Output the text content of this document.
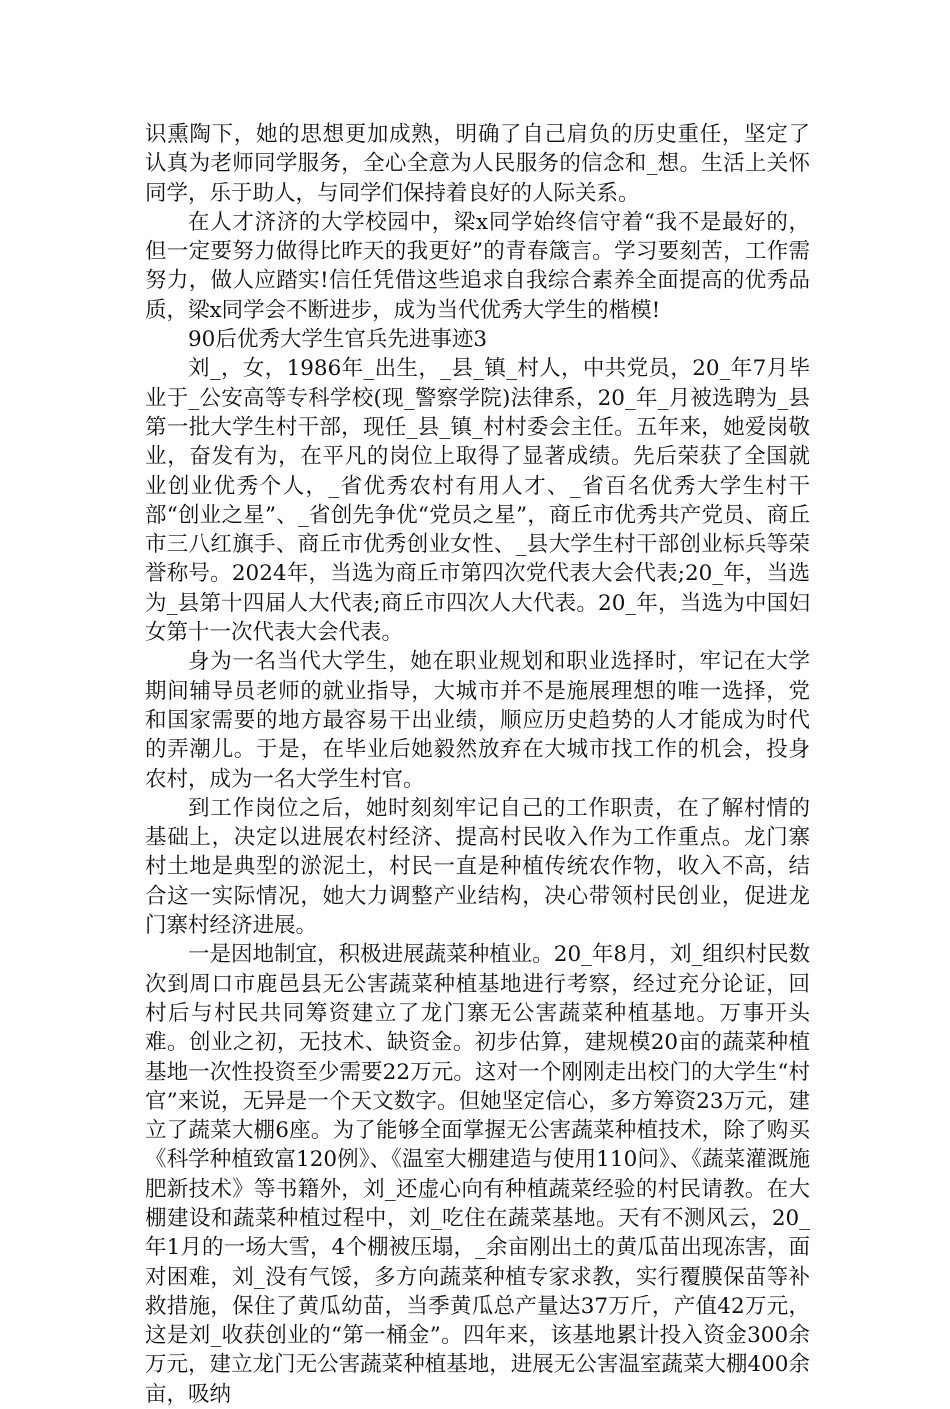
识熏陶下，她的思想更加成熟，明确了自己肩负的历史重任，坚定了认真为老师同学服务，全心全意为人民服务的信念和_想。生活上关怀同学，乐于助人，与同学们保持着良好的人际关系。

在人才济济的大学校园中，梁x同学始终信守着“我不是最好的，但一定要努力做得比昨天的我更好”的青春箴言。学习要刻苦，工作需努力，做人应踏实!信任凭借这些追求自我综合素养全面提高的优秀品质，梁x同学会不断进步，成为当代优秀大学生的楷模!

90后优秀大学生官兵先进事迹3

刘_，女，1986年_出生，_县_镇_村人，中共党员，20_年7月毕业于_公安高等专科学校(现_警察学院)法律系，20_年_月被选聘为_县第一批大学生村干部，现任_县_镇_村村委会主任。五年来，她爱岗敬业，奋发有为，在平凡的岗位上取得了显著成绩。先后荣获了全国就业创业优秀个人，_省优秀农村有用人才、_省百名优秀大学生村干部“创业之星”、_省创先争优“党员之星”，商丘市优秀共产党员、商丘市三八红旗手、商丘市优秀创业女性、_县大学生村干部创业标兵等荣誉称号。2024年，当选为商丘市第四次党代表大会代表;20_年，当选为_县第十四届人大代表;商丘市四次人大代表。20_年，当选为中国妇女第十一次代表大会代表。

身为一名当代大学生，她在职业规划和职业选择时，牢记在大学期间辅导员老师的就业指导，大城市并不是施展理想的唯一选择，党和国家需要的地方最容易干出业绩，顺应历史趋势的人才能成为时代的弄潮儿。于是，在毕业后她毅然放弃在大城市找工作的机会，投身农村，成为一名大学生村官。

到工作岗位之后，她时刻刻牢记自己的工作职责，在了解村情的基础上，决定以进展农村经济、提高村民收入作为工作重点。龙门寨村土地是典型的淤泥土，村民一直是种植传统农作物，收入不高，结合这一实际情况，她大力调整产业结构，决心带领村民创业，促进龙门寨村经济进展。

一是因地制宜，积极进展蔬菜种植业。20_年8月，刘_组织村民数次到周口市鹿邑县无公害蔬菜种植基地进行考察，经过充分论证，回村后与村民共同筹资建立了龙门寨无公害蔬菜种植基地。万事开头难。创业之初，无技术、缺资金。初步估算，建规模20亩的蔬菜种植基地一次性投资至少需要22万元。这对一个刚刚走出校门的大学生“村官”来说，无异是一个天文数字。但她坚定信心，多方筹资23万元，建立了蔬菜大棚6座。为了能够全面掌握无公害蔬菜种植技术，除了购买《科学种植致富120例》、《温室大棚建造与使用110问》、《蔬菜灌溉施肥新技术》等书籍外，刘_还虚心向有种植蔬菜经验的村民请教。在大棚建设和蔬菜种植过程中，刘_吃住在蔬菜基地。天有不测风云，20_年1月的一场大雪，4个棚被压塌，_余亩刚出土的黄瓜苗出现冻害，面对困难，刘_没有气馁，多方向蔬菜种植专家求教，实行覆膜保苗等补救措施，保住了黄瓜幼苗，当季黄瓜总产量达37万斤，产值42万元，这是刘_收获创业的“第一桶金”。四年来，该基地累计投入资金300余万元，建立龙门无公害蔬菜种植基地，进展无公害温室蔬菜大棚400余亩，吸纳
